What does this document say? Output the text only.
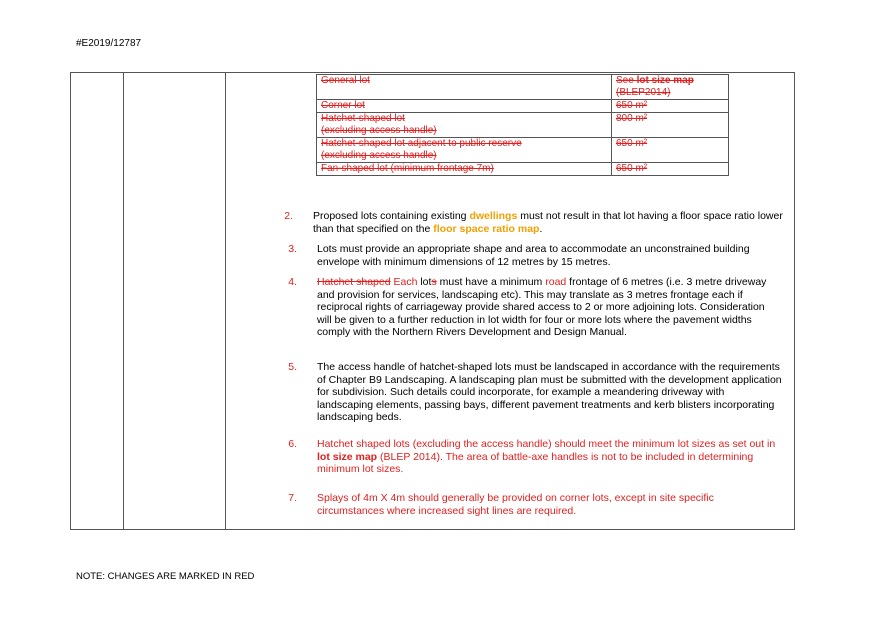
#E2019/12787
General lot	See lot size map (BLEP2014)
Corner lot	650 m²
Hatchet-shaped lot
(excluding access handle)	800 m²
Hatchet-shaped lot adjacent to public reserve
(excluding access handle)	650 m²
Fan-shaped lot (minimum frontage 7m)	650 m²
2. Proposed lots containing existing dwellings must not result in that lot having a floor space ratio lower than that specified on the floor space ratio map.
3. Lots must provide an appropriate shape and area to accommodate an unconstrained building envelope with minimum dimensions of 12 metres by 15 metres.
4. Hatchet shaped Each lots must have a minimum road frontage of 6 metres (i.e. 3 metre driveway and provision for services, landscaping etc). This may translate as 3 metres frontage each if reciprocal rights of carriageway provide shared access to 2 or more adjoining lots. Consideration will be given to a further reduction in lot width for four or more lots where the pavement widths comply with the Northern Rivers Development and Design Manual.
5. The access handle of hatchet-shaped lots must be landscaped in accordance with the requirements of Chapter B9 Landscaping. A landscaping plan must be submitted with the development application for subdivision. Such details could incorporate, for example a meandering driveway with landscaping elements, passing bays, different pavement treatments and kerb blisters incorporating landscaping beds.
6. Hatchet shaped lots (excluding the access handle) should meet the minimum lot sizes as set out in lot size map (BLEP 2014). The area of battle-axe handles is not to be included in determining minimum lot sizes.
7. Splays of 4m X 4m should generally be provided on corner lots, except in site specific circumstances where increased sight lines are required.
NOTE: CHANGES ARE MARKED IN RED
